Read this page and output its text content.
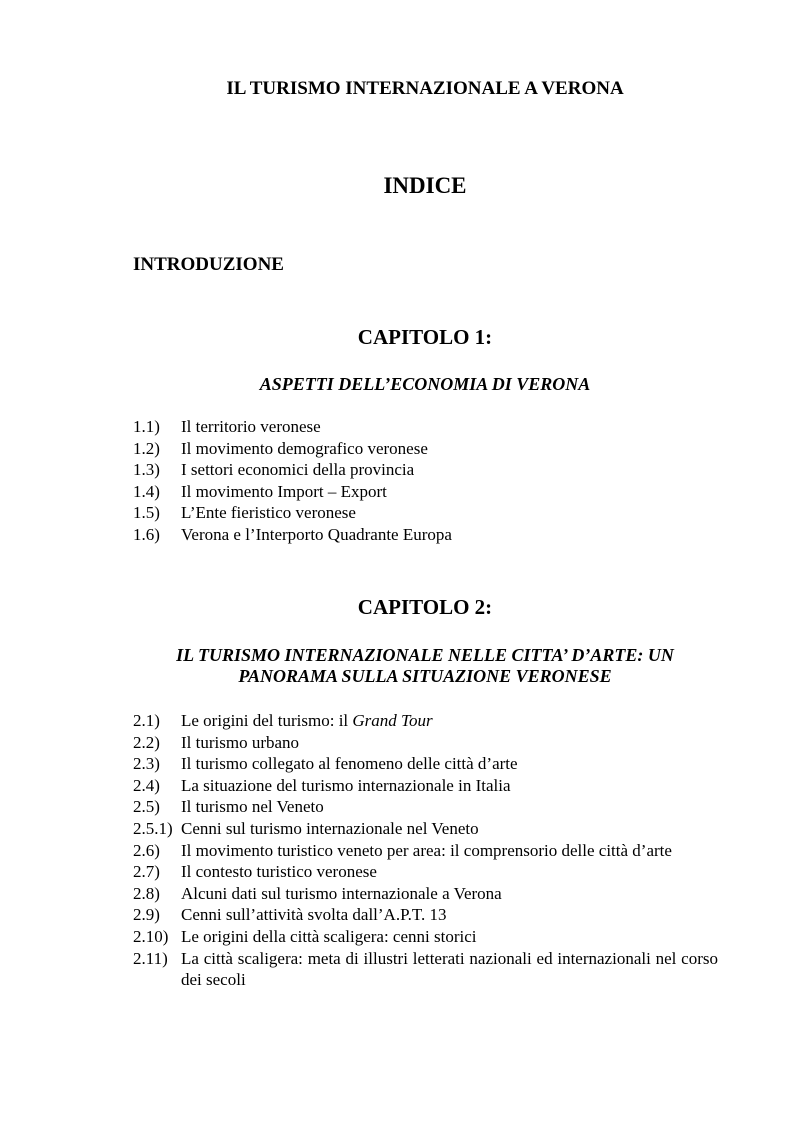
IL TURISMO INTERNAZIONALE A VERONA
INDICE
INTRODUZIONE
CAPITOLO 1:
ASPETTI DELL’ECONOMIA DI VERONA
1.1) Il territorio veronese
1.2) Il movimento demografico veronese
1.3) I settori economici della provincia
1.4) Il movimento Import – Export
1.5) L’Ente fieristico veronese
1.6) Verona e l’Interporto Quadrante Europa
CAPITOLO 2:
IL TURISMO INTERNAZIONALE NELLE CITTA’ D’ARTE: UN
PANORAMA SULLA SITUAZIONE VERONESE
2.1) Le origini del turismo: il Grand Tour
2.2) Il turismo urbano
2.3) Il turismo collegato al fenomeno delle città d’arte
2.4) La situazione del turismo internazionale in Italia
2.5) Il turismo nel Veneto
2.5.1) Cenni sul turismo internazionale nel Veneto
2.6) Il movimento turistico veneto per area: il comprensorio delle città d’arte
2.7) Il contesto turistico veronese
2.8) Alcuni dati sul turismo internazionale a Verona
2.9) Cenni sull’attività svolta dall’A.P.T. 13
2.10) Le origini della città scaligera: cenni storici
2.11) La città scaligera: meta di illustri letterati nazionali ed internazionali nel corso dei secoli
